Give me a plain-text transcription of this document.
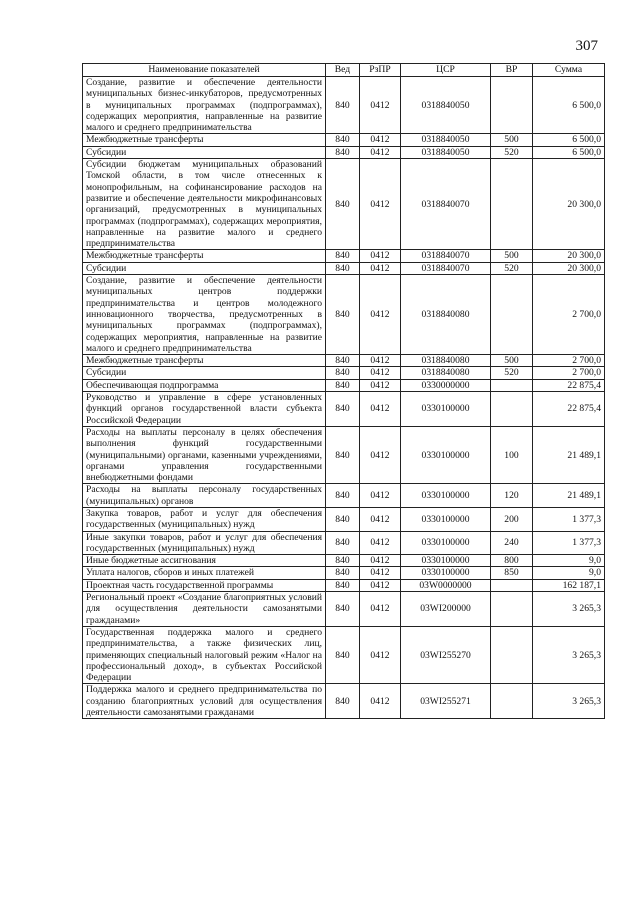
307
Наименование показателей	Вед	РзПР	ЦСР	ВР	Сумма
Создание, развитие и обеспечение деятельности муниципальных бизнес-инкубаторов, предусмотренных в муниципальных программах (подпрограммах), содержащих мероприятия, направленные на развитие малого и среднего предпринимательства	840	0412	0318840050		6 500,0
Межбюджетные трансферты	840	0412	0318840050	500	6 500,0
Субсидии	840	0412	0318840050	520	6 500,0
Субсидии бюджетам муниципальных образований Томской области, в том числе отнесенных к монопрофильным, на софинансирование расходов на развитие и обеспечение деятельности микрофинансовых организаций, предусмотренных в муниципальных программах (подпрограммах), содержащих мероприятия, направленные на развитие малого и среднего предпринимательства	840	0412	0318840070		20 300,0
Межбюджетные трансферты	840	0412	0318840070	500	20 300,0
Субсидии	840	0412	0318840070	520	20 300,0
Создание, развитие и обеспечение деятельности муниципальных центров поддержки предпринимательства и центров молодежного инновационного творчества, предусмотренных в муниципальных программах (подпрограммах), содержащих мероприятия, направленные на развитие малого и среднего предпринимательства	840	0412	0318840080		2 700,0
Межбюджетные трансферты	840	0412	0318840080	500	2 700,0
Субсидии	840	0412	0318840080	520	2 700,0
Обеспечивающая подпрограмма	840	0412	0330000000		22 875,4
Руководство и управление в сфере установленных функций органов государственной власти субъекта Российской Федерации	840	0412	0330100000		22 875,4
Расходы на выплаты персоналу в целях обеспечения выполнения функций государственными (муниципальными) органами, казенными учреждениями, органами управления государственными внебюджетными фондами	840	0412	0330100000	100	21 489,1
Расходы на выплаты персоналу государственных (муниципальных) органов	840	0412	0330100000	120	21 489,1
Закупка товаров, работ и услуг для обеспечения государственных (муниципальных) нужд	840	0412	0330100000	200	1 377,3
Иные закупки товаров, работ и услуг для обеспечения государственных (муниципальных) нужд	840	0412	0330100000	240	1 377,3
Иные бюджетные ассигнования	840	0412	0330100000	800	9,0
Уплата налогов, сборов и иных платежей	840	0412	0330100000	850	9,0
Проектная часть государственной программы	840	0412	03W0000000		162 187,1
Региональный проект «Создание благоприятных условий для осуществления деятельности самозанятыми гражданами»	840	0412	03WI200000		3 265,3
Государственная поддержка малого и среднего предпринимательства, а также физических лиц, применяющих специальный налоговый режим «Налог на профессиональный доход», в субъектах Российской Федерации	840	0412	03WI255270		3 265,3
Поддержка малого и среднего предпринимательства по созданию благоприятных условий для осуществления деятельности самозанятыми гражданами	840	0412	03WI255271		3 265,3
